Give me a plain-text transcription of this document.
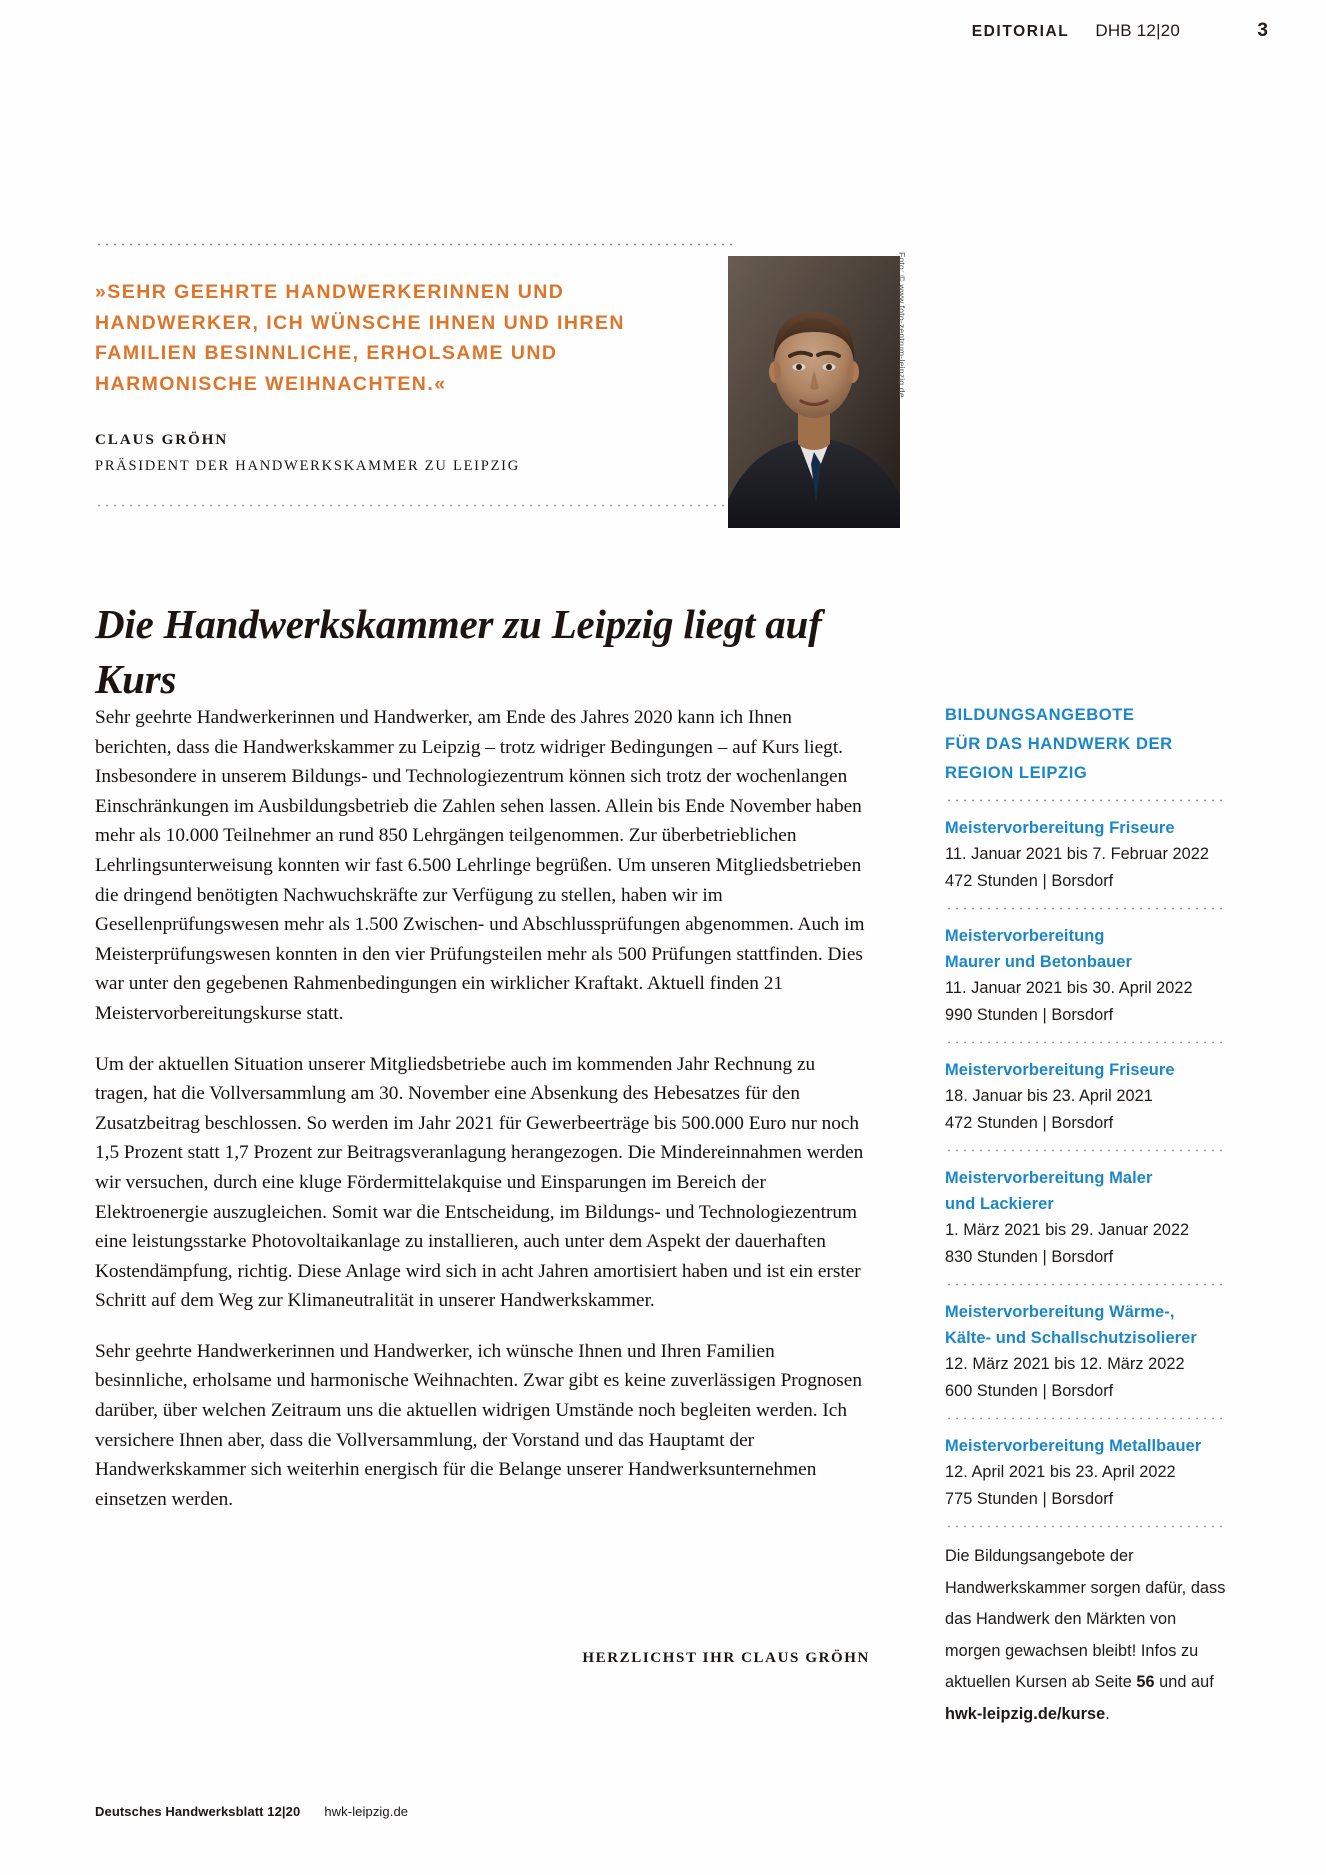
EDITORIAL DHB 12|20	3
»SEHR GEEHRTE HANDWERKERINNEN UND HANDWERKER, ICH WÜNSCHE IHNEN UND IHREN FAMILIEN BESINNLICHE, ERHOLSAME UND HARMONISCHE WEIHNACHTEN.«
CLAUS GRÖHN
PRÄSIDENT DER HANDWERKSKAMMER ZU LEIPZIG
Foto: © www.foto-zentrum-leipzig.de
Die Handwerkskammer zu Leipzig liegt auf Kurs

Sehr geehrte Handwerkerinnen und Handwerker, am Ende des Jahres 2020 kann ich Ihnen berichten, dass die Handwerkskammer zu Leipzig – trotz widriger Bedingungen – auf Kurs liegt. Insbesondere in unserem Bildungs- und Technologiezentrum können sich trotz der wochenlangen Einschränkungen im Ausbildungsbetrieb die Zahlen sehen lassen. Allein bis Ende November haben mehr als 10.000 Teilnehmer an rund 850 Lehrgängen teilgenommen. Zur überbetrieblichen Lehrlingsunterweisung konnten wir fast 6.500 Lehrlinge begrüßen. Um unseren Mitgliedsbetrieben die dringend benötigten Nachwuchskräfte zur Verfügung zu stellen, haben wir im Gesellenprüfungswesen mehr als 1.500 Zwischen- und Abschlussprüfungen abgenommen. Auch im Meisterprüfungswesen konnten in den vier Prüfungsteilen mehr als 500 Prüfungen stattfinden. Dies war unter den gegebenen Rahmenbedingungen ein wirklicher Kraftakt. Aktuell finden 21 Meistervorbereitungskurse statt.

Um der aktuellen Situation unserer Mitgliedsbetriebe auch im kommenden Jahr Rechnung zu tragen, hat die Vollversammlung am 30. November eine Absenkung des Hebesatzes für den Zusatzbeitrag beschlossen. So werden im Jahr 2021 für Gewerbeerträge bis 500.000 Euro nur noch 1,5 Prozent statt 1,7 Prozent zur Beitragsveranlagung herangezogen. Die Mindereinnahmen werden wir versuchen, durch eine kluge Fördermittelakquise und Einsparungen im Bereich der Elektroenergie auszugleichen. Somit war die Entscheidung, im Bildungs- und Technologiezentrum eine leistungsstarke Photovoltaikanlage zu installieren, auch unter dem Aspekt der dauerhaften Kostendämpfung, richtig. Diese Anlage wird sich in acht Jahren amortisiert haben und ist ein erster Schritt auf dem Weg zur Klimaneutralität in unserer Handwerkskammer.

Sehr geehrte Handwerkerinnen und Handwerker, ich wünsche Ihnen und Ihren Familien besinnliche, erholsame und harmonische Weihnachten. Zwar gibt es keine zuverlässigen Prognosen darüber, über welchen Zeitraum uns die aktuellen widrigen Umstände noch begleiten werden. Ich versichere Ihnen aber, dass die Vollversammlung, der Vorstand und das Hauptamt der Handwerkskammer sich weiterhin energisch für die Belange unserer Handwerksunternehmen einsetzen werden.

HERZLICHST IHR CLAUS GRÖHN
BILDUNGSANGEBOTE
FÜR DAS HANDWERK DER
REGION LEIPZIG
Meistervorbereitung Friseure
11. Januar 2021 bis 7. Februar 2022
472 Stunden | Borsdorf
Meistervorbereitung
Maurer und Betonbauer
11. Januar 2021 bis 30. April 2022
990 Stunden | Borsdorf
Meistervorbereitung Friseure
18. Januar bis 23. April 2021
472 Stunden | Borsdorf
Meistervorbereitung Maler
und Lackierer
1. März 2021 bis 29. Januar 2022
830 Stunden | Borsdorf
Meistervorbereitung Wärme-,
Kälte- und Schallschutzisolierer
12. März 2021 bis 12. März 2022
600 Stunden | Borsdorf
Meistervorbereitung Metallbauer
12. April 2021 bis 23. April 2022
775 Stunden | Borsdorf
Die Bildungsangebote der Handwerkskammer sorgen dafür, dass das Handwerk den Märkten von morgen gewachsen bleibt! Infos zu aktuellen Kursen ab Seite 56 und auf hwk-leipzig.de/kurse.
Deutsches Handwerksblatt 12|20 hwk-leipzig.de
